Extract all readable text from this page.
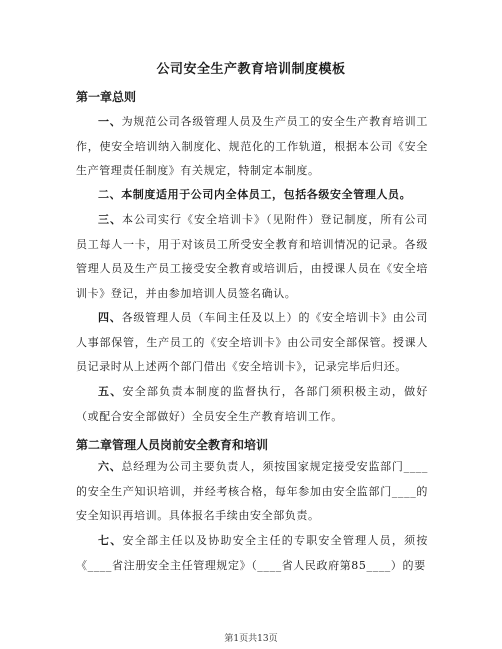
公司安全生产教育培训制度模板
第一章总则
一、为规范公司各级管理人员及生产员工的安全生产教育培训工作，使安全培训纳入制度化、规范化的工作轨道，根据本公司《安全生产管理责任制度》有关规定，特制定本制度。
二、本制度适用于公司内全体员工，包括各级安全管理人员。
三、本公司实行《安全培训卡》（见附件）登记制度，所有公司员工每人一卡，用于对该员工所受安全教育和培训情况的记录。各级管理人员及生产员工接受安全教育或培训后，由授课人员在《安全培训卡》登记，并由参加培训人员签名确认。
四、各级管理人员（车间主任及以上）的《安全培训卡》由公司人事部保管，生产员工的《安全培训卡》由公司安全部保管。授课人员记录时从上述两个部门借出《安全培训卡》，记录完毕后归还。
五、安全部负责本制度的监督执行，各部门须积极主动，做好（或配合安全部做好）全员安全生产教育培训工作。
第二章管理人员岗前安全教育和培训
六、总经理为公司主要负责人，须按国家规定接受安监部门____的安全生产知识培训，并经考核合格，每年参加由安全监部门____的安全知识再培训。具体报名手续由安全部负责。
七、安全部主任以及协助安全主任的专职安全管理人员，须按《____省注册安全主任管理规定》（____省人民政府第85____）的要
第1页共13页
